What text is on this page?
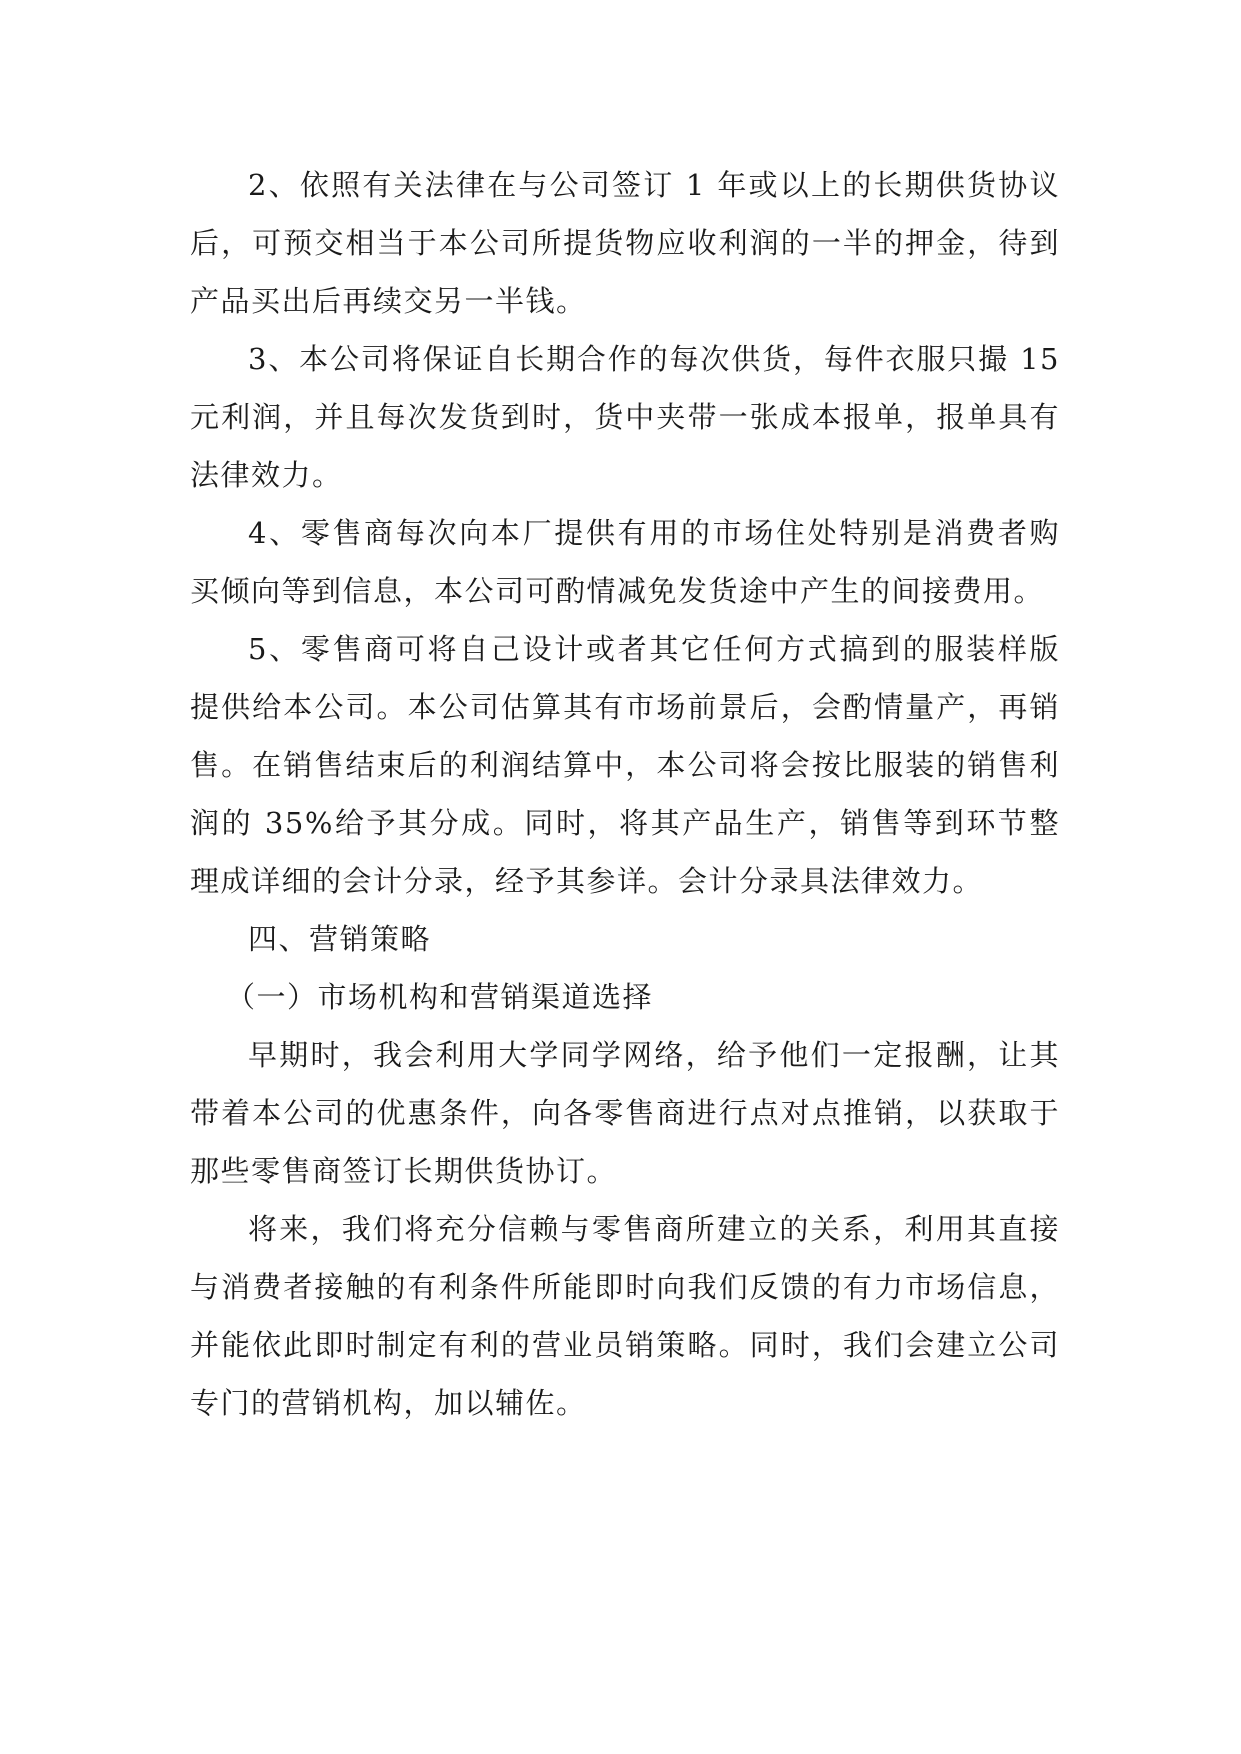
2、依照有关法律在与公司签订 1 年或以上的长期供货协议后，可预交相当于本公司所提货物应收利润的一半的押金，待到产品买出后再续交另一半钱。

3、本公司将保证自长期合作的每次供货，每件衣服只撮 15 元利润，并且每次发货到时，货中夹带一张成本报单，报单具有法律效力。

4、零售商每次向本厂提供有用的市场住处特别是消费者购买倾向等到信息，本公司可酌情减免发货途中产生的间接费用。

5、零售商可将自己设计或者其它任何方式搞到的服装样版提供给本公司。本公司估算其有市场前景后，会酌情量产，再销售。在销售结束后的利润结算中，本公司将会按比服装的销售利润的 35%给予其分成。同时，将其产品生产，销售等到环节整理成详细的会计分录，经予其参详。会计分录具法律效力。

四、营销策略

（一）市场机构和营销渠道选择

早期时，我会利用大学同学网络，给予他们一定报酬，让其带着本公司的优惠条件，向各零售商进行点对点推销，以获取于那些零售商签订长期供货协订。

将来，我们将充分信赖与零售商所建立的关系，利用其直接与消费者接触的有利条件所能即时向我们反馈的有力市场信息，并能依此即时制定有利的营业员销策略。同时，我们会建立公司专门的营销机构，加以辅佐。
